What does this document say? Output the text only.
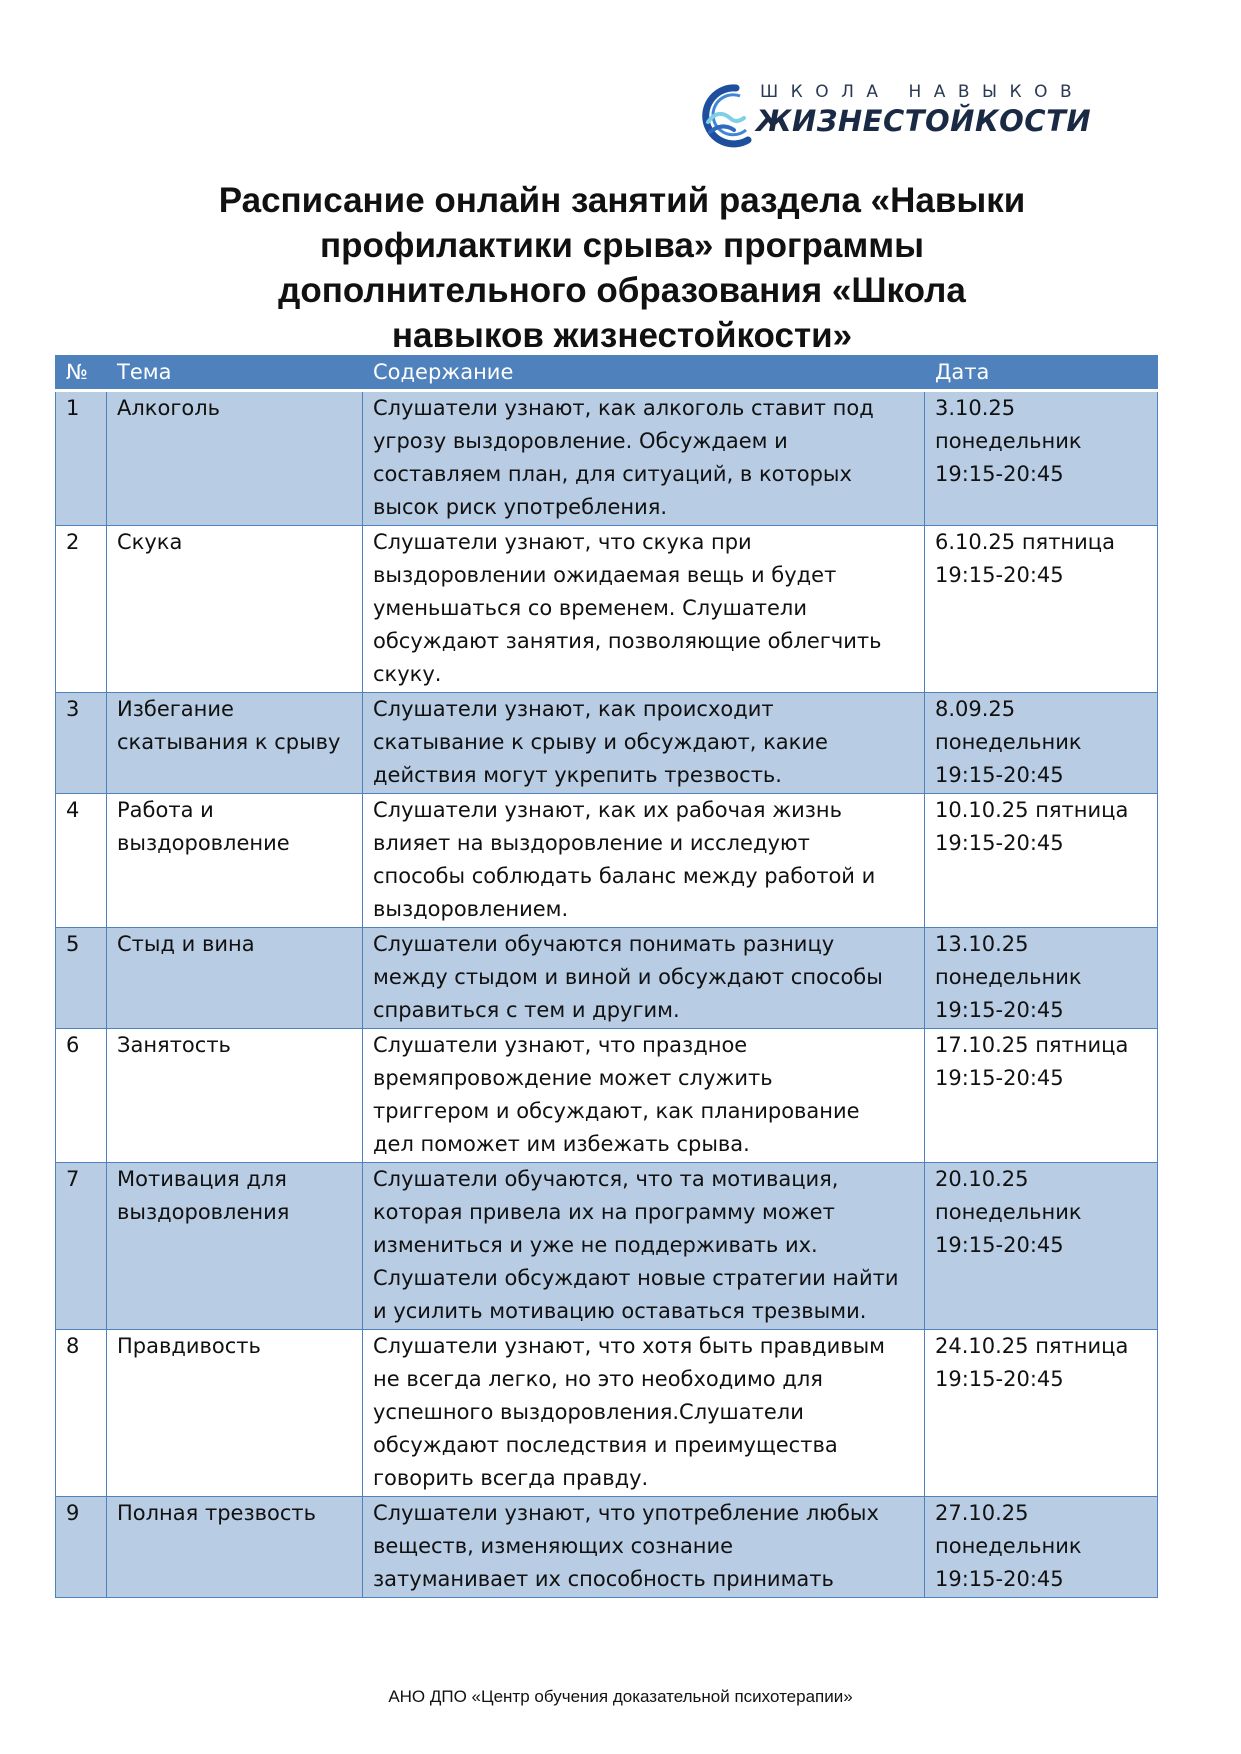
ШКОЛА НАВЫКОВ
ЖИЗНЕСТОЙКОСТИ
Расписание онлайн занятий раздела «Навыки
профилактики срыва» программы
дополнительного образования «Школа
навыков жизнестойкости»
№	Тема	Содержание	Дата
1	Алкоголь	Слушатели узнают, как алкоголь ставит под
угрозу выздоровление. Обсуждаем и
составляем план, для ситуаций, в которых
высок риск употребления.	3.10.25
понедельник
19:15-20:45

2	Скука	Слушатели узнают, что скука при
выздоровлении ожидаемая вещь и будет
уменьшаться со временем. Слушатели
обсуждают занятия, позволяющие облегчить
скуку.	6.10.25 пятница
19:15-20:45

3	Избегание
скатывания к срыву	Слушатели узнают, как происходит
скатывание к срыву и обсуждают, какие
действия могут укрепить трезвость.	8.09.25
понедельник
19:15-20:45

4	Работа и
выздоровление	Слушатели узнают, как их рабочая жизнь
влияет на выздоровление и исследуют
способы соблюдать баланс между работой и
выздоровлением.	10.10.25 пятница
19:15-20:45

5	Стыд и вина	Слушатели обучаются понимать разницу
между стыдом и виной и обсуждают способы
справиться с тем и другим.	13.10.25
понедельник
19:15-20:45

6	Занятость	Слушатели узнают, что праздное
времяпровождение может служить
триггером и обсуждают, как планирование
дел поможет им избежать срыва.	17.10.25 пятница
19:15-20:45

7	Мотивация для
выздоровления	Слушатели обучаются, что та мотивация,
которая привела их на программу может
измениться и уже не поддерживать их.
Слушатели обсуждают новые стратегии найти
и усилить мотивацию оставаться трезвыми.	20.10.25
понедельник
19:15-20:45

8	Правдивость	Слушатели узнают, что хотя быть правдивым
не всегда легко, но это необходимо для
успешного выздоровления.Слушатели
обсуждают последствия и преимущества
говорить всегда правду.	24.10.25 пятница
19:15-20:45

9	Полная трезвость	Слушатели узнают, что употребление любых
веществ, изменяющих сознание
затуманивает их способность принимать	27.10.25
понедельник
19:15-20:45
АНО ДПО «Центр обучения доказательной психотерапии»
